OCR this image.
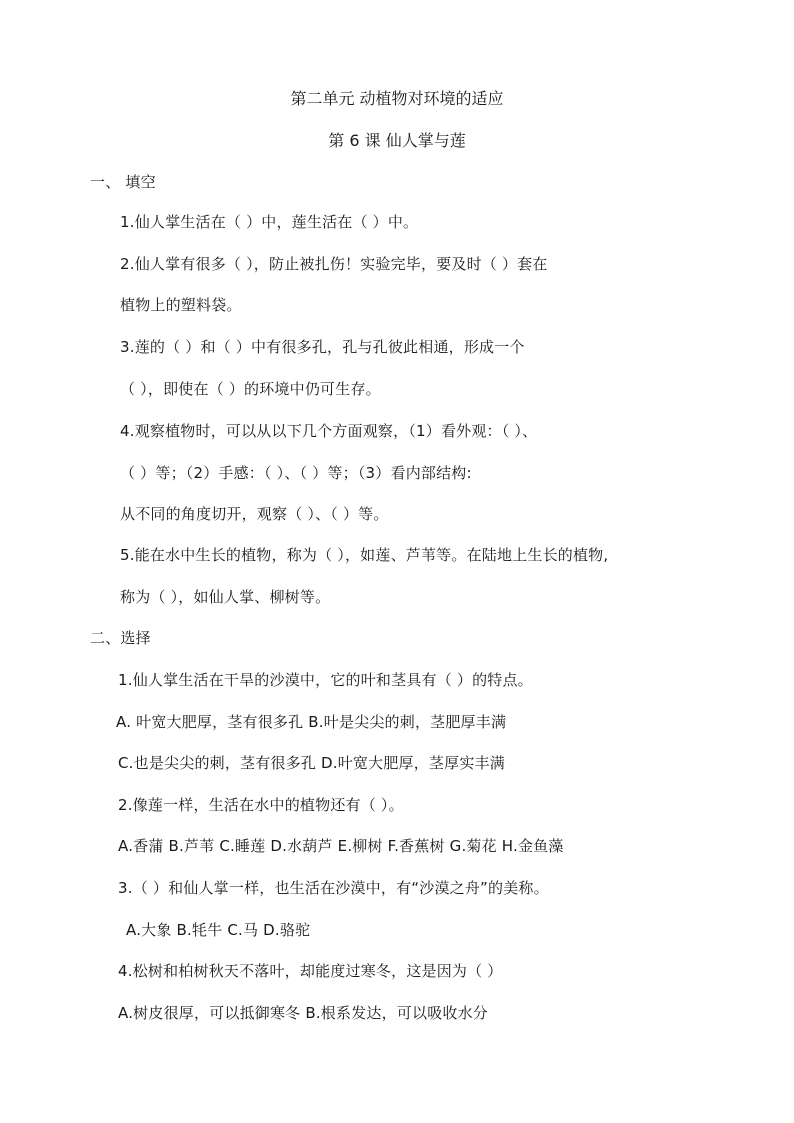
第二单元 动植物对环境的适应
第 6 课 仙人掌与莲
一、 填空
1.仙人掌生活在（ ）中，莲生活在（ ）中。
2.仙人掌有很多（ ），防止被扎伤！实验完毕，要及时（ ）套在
植物上的塑料袋。
3.莲的（ ）和（ ）中有很多孔，孔与孔彼此相通，形成一个
（ ），即使在（ ）的环境中仍可生存。
4.观察植物时，可以从以下几个方面观察，（1）看外观：（ ）、
（ ）等；（2）手感：（ ）、（ ）等；（3）看内部结构:
从不同的角度切开，观察（ ）、（ ）等。
5.能在水中生长的植物，称为（ ），如莲、芦苇等。在陆地上生长的植物,
称为（ ），如仙人掌、柳树等。
二、选择
1.仙人掌生活在干旱的沙漠中，它的叶和茎具有（ ）的特点。
A. 叶宽大肥厚，茎有很多孔 B.叶是尖尖的刺，茎肥厚丰满
C.也是尖尖的刺，茎有很多孔 D.叶宽大肥厚，茎厚实丰满
2.像莲一样，生活在水中的植物还有（ ）。
A.香蒲 B.芦苇 C.睡莲 D.水葫芦 E.柳树 F.香蕉树 G.菊花 H.金鱼藻
3.（ ）和仙人掌一样，也生活在沙漠中，有“沙漠之舟”的美称。
A.大象 B.牦牛 C.马 D.骆驼
4.松树和柏树秋天不落叶，却能度过寒冬，这是因为（ ）
A.树皮很厚，可以抵御寒冬 B.根系发达，可以吸收水分
